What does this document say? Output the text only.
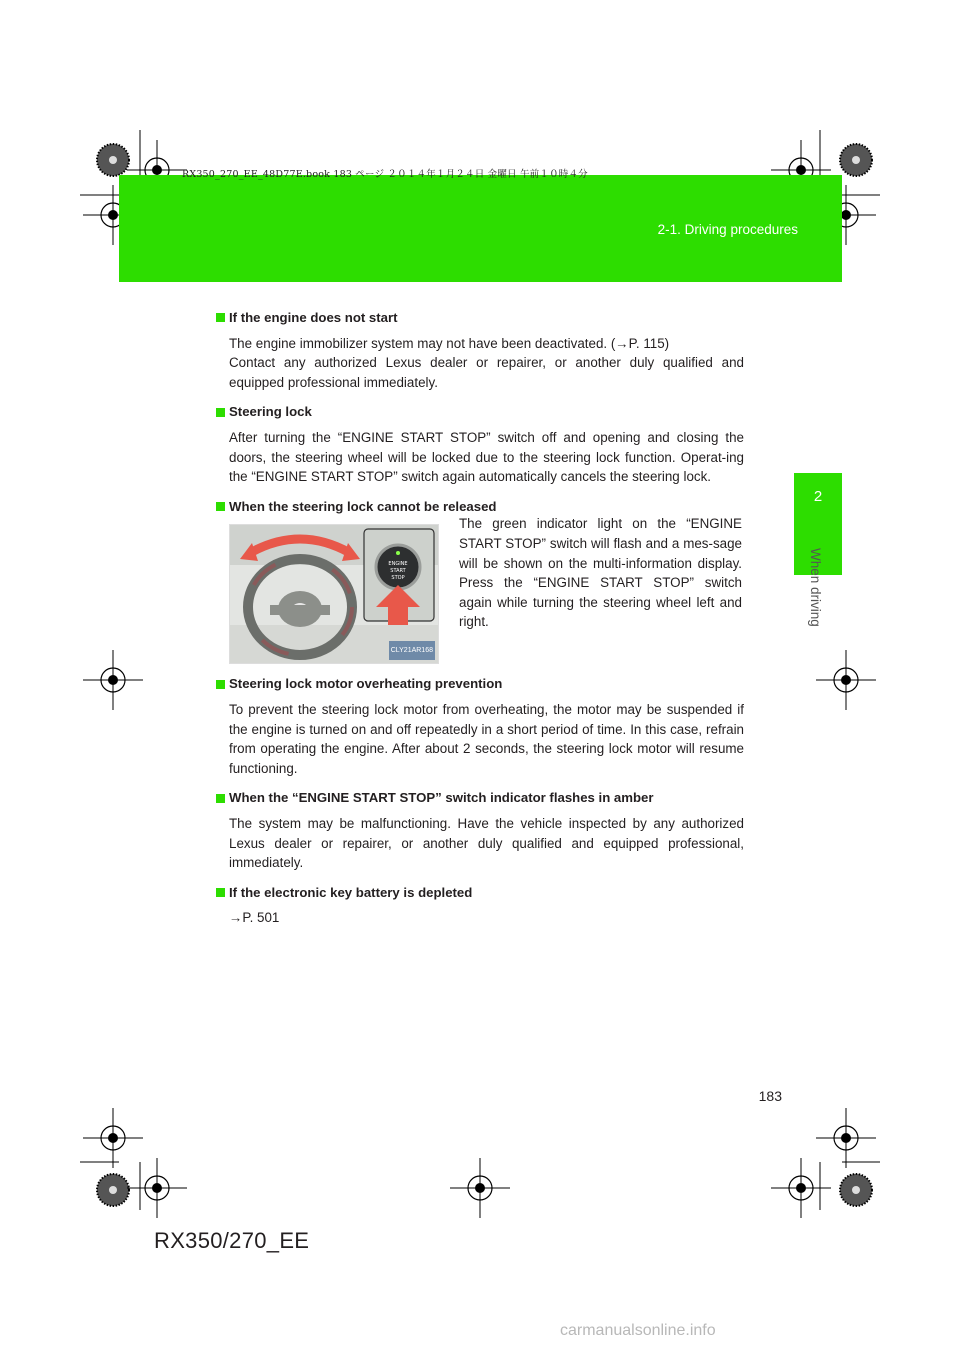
RX350_270_EE_48D77E.book 183 ページ ２０１４年１月２４日 金曜日 午前１０時４分
2-1. Driving procedures
2
When driving
If the engine does not start

The engine immobilizer system may not have been deactivated. (→P. 115)

Contact any authorized Lexus dealer or repairer, or another duly qualified and equipped professional immediately.

Steering lock

After turning the “ENGINE START STOP” switch off and opening and closing the doors, the steering wheel will be locked due to the steering lock function. Operat-ing the “ENGINE START STOP” switch again automatically cancels the steering lock.

When the steering lock cannot be released
ENGINE
START
STOP
CLY21AR168
The green indicator light on the “ENGINE START STOP” switch will flash and a mes-sage will be shown on the multi-information display. Press the “ENGINE START STOP” switch again while turning the steering wheel left and right.
Steering lock motor overheating prevention

To prevent the steering lock motor from overheating, the motor may be suspended if the engine is turned on and off repeatedly in a short period of time. In this case, refrain from operating the engine. After about 2 seconds, the steering lock motor will resume functioning.

When the “ENGINE START STOP” switch indicator flashes in amber

The system may be malfunctioning. Have the vehicle inspected by any authorized Lexus dealer or repairer, or another duly qualified and equipped professional, immediately.

If the electronic key battery is depleted

→P. 501

183
RX350/270_EE
carmanualsonline.info
